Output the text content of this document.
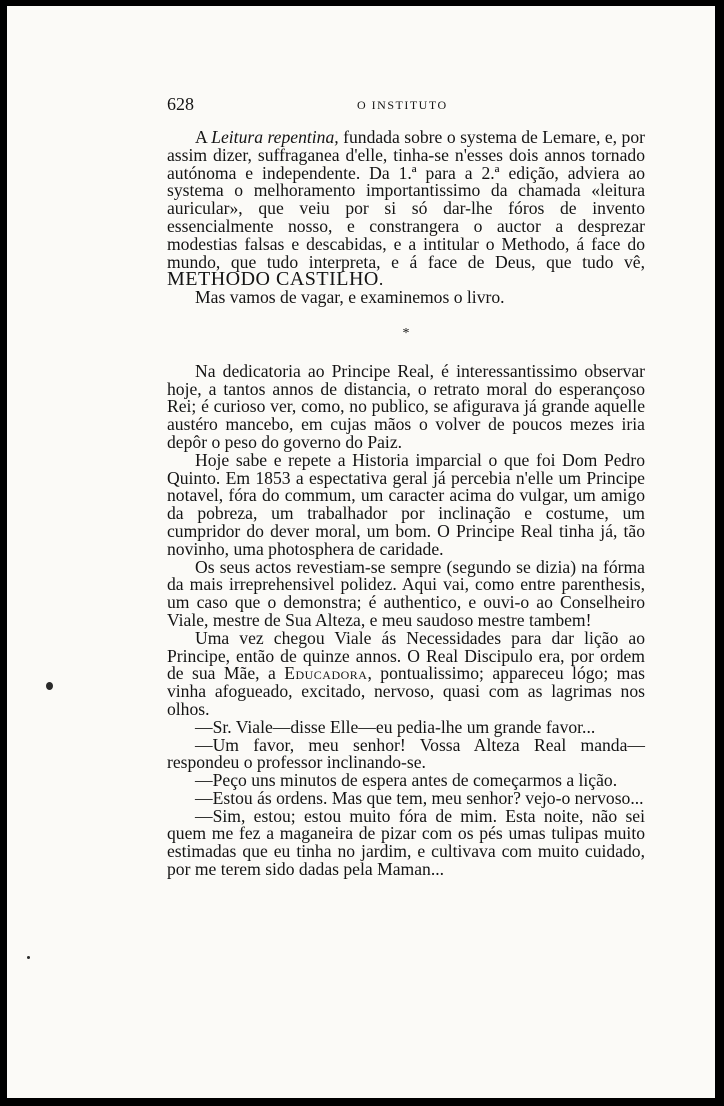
628	O INSTITUTO

A Leitura repentina, fundada sobre o systema de Lemare, e, por assim dizer, suffraganea d'elle, tinha-se n'esses dois annos tornado autónoma e independente. Da 1.ª para a 2.ª edição, adviera ao systema o melhoramento importantissimo da chamada «leitura auricular», que veiu por si só dar-lhe fóros de invento essencialmente nosso, e constrangera o auctor a desprezar modestias falsas e descabidas, e a intitular o Methodo, á face do mundo, que tudo interpreta, e á face de Deus, que tudo vê, METHODO CASTILHO.

Mas vamos de vagar, e examinemos o livro.

*

Na dedicatoria ao Principe Real, é interessantissimo observar hoje, a tantos annos de distancia, o retrato moral do esperançoso Rei; é curioso ver, como, no publico, se afigurava já grande aquelle austéro mancebo, em cujas mãos o volver de poucos mezes iria depôr o peso do governo do Paiz.

Hoje sabe e repete a Historia imparcial o que foi Dom Pedro Quinto. Em 1853 a espectativa geral já percebia n'elle um Principe notavel, fóra do commum, um caracter acima do vulgar, um amigo da pobreza, um trabalhador por inclinação e costume, um cumpridor do dever moral, um bom. O Principe Real tinha já, tão novinho, uma photosphera de caridade.

Os seus actos revestiam-se sempre (segundo se dizia) na fórma da mais irreprehensivel polidez. Aqui vai, como entre parenthesis, um caso que o demonstra; é authentico, e ouvi-o ao Conselheiro Viale, mestre de Sua Alteza, e meu saudoso mestre tambem!

Uma vez chegou Viale ás Necessidades para dar lição ao Principe, então de quinze annos. O Real Discipulo era, por ordem de sua Mãe, a Educadora, pontualissimo; appareceu lógo; mas vinha afogueado, excitado, nervoso, quasi com as lagrimas nos olhos.

—Sr. Viale—disse Elle—eu pedia-lhe um grande favor...

—Um favor, meu senhor! Vossa Alteza Real manda—respondeu o professor inclinando-se.

—Peço uns minutos de espera antes de começarmos a lição.

—Estou ás ordens. Mas que tem, meu senhor? vejo-o nervoso...

—Sim, estou; estou muito fóra de mim. Esta noite, não sei quem me fez a maganeira de pizar com os pés umas tulipas muito estimadas que eu tinha no jardim, e cultivava com muito cuidado, por me terem sido dadas pela Maman...
